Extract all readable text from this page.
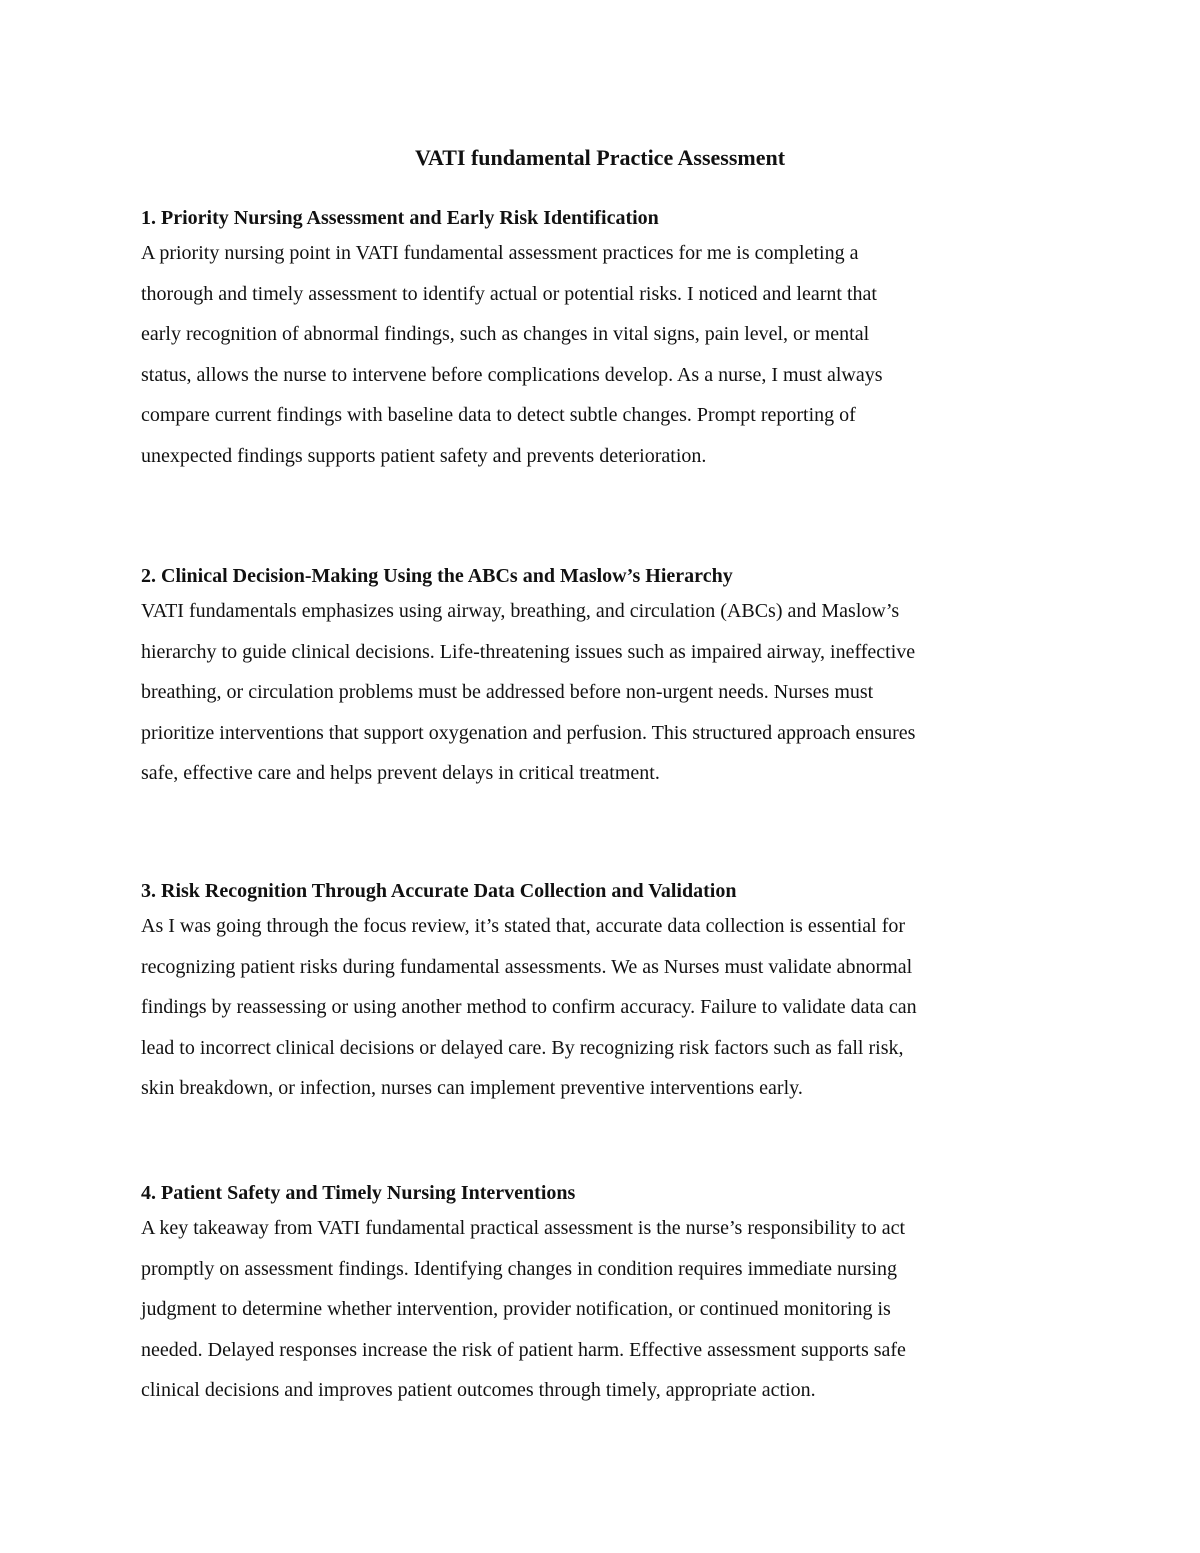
VATI fundamental Practice Assessment
1. Priority Nursing Assessment and Early Risk Identification

A priority nursing point in VATI fundamental assessment practices for me is completing a
thorough and timely assessment to identify actual or potential risks. I noticed and learnt that
early recognition of abnormal findings, such as changes in vital signs, pain level, or mental
status, allows the nurse to intervene before complications develop. As a nurse, I must always
compare current findings with baseline data to detect subtle changes. Prompt reporting of
unexpected findings supports patient safety and prevents deterioration.

2. Clinical Decision-Making Using the ABCs and Maslow’s Hierarchy

VATI fundamentals emphasizes using airway, breathing, and circulation (ABCs) and Maslow’s
hierarchy to guide clinical decisions. Life-threatening issues such as impaired airway, ineffective
breathing, or circulation problems must be addressed before non-urgent needs. Nurses must
prioritize interventions that support oxygenation and perfusion. This structured approach ensures
safe, effective care and helps prevent delays in critical treatment.

3. Risk Recognition Through Accurate Data Collection and Validation

As I was going through the focus review, it’s stated that, accurate data collection is essential for
recognizing patient risks during fundamental assessments. We as Nurses must validate abnormal
findings by reassessing or using another method to confirm accuracy. Failure to validate data can
lead to incorrect clinical decisions or delayed care. By recognizing risk factors such as fall risk,
skin breakdown, or infection, nurses can implement preventive interventions early.

4. Patient Safety and Timely Nursing Interventions

A key takeaway from VATI fundamental practical assessment is the nurse’s responsibility to act
promptly on assessment findings. Identifying changes in condition requires immediate nursing
judgment to determine whether intervention, provider notification, or continued monitoring is
needed. Delayed responses increase the risk of patient harm. Effective assessment supports safe
clinical decisions and improves patient outcomes through timely, appropriate action.
